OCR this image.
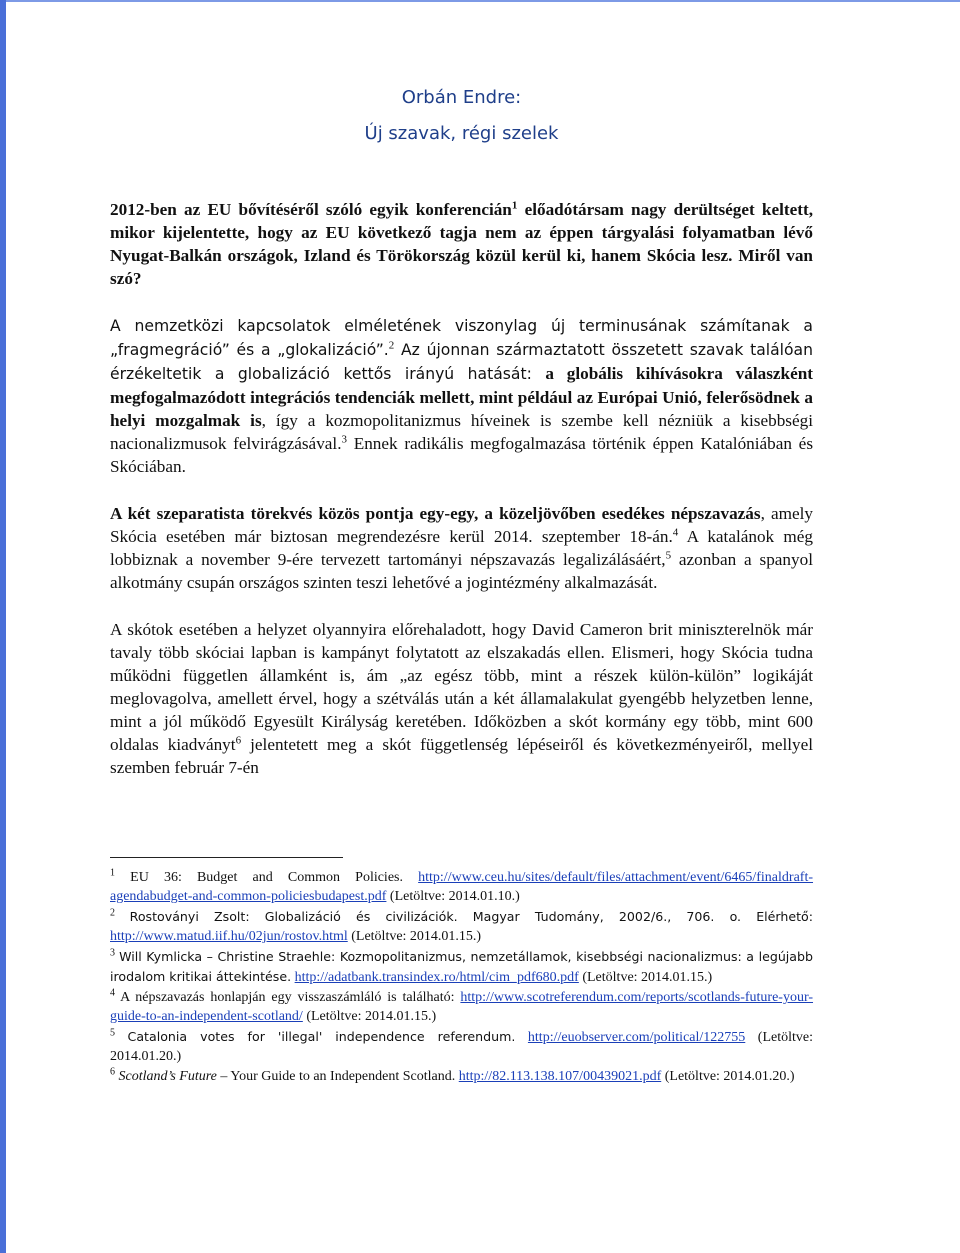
Orbán Endre:
Új szavak, régi szelek

2012-ben az EU bővítéséről szóló egyik konferencián$^1$ előadótársam nagy derültséget keltett, mikor kijelentette, hogy az EU következő tagja nem az éppen tárgyalási folyamatban lévő Nyugat-Balkán országok, Izland és Törökország közül kerül ki, hanem Skócia lesz. Miről van szó?

A nemzetközi kapcsolatok elméletének viszonylag új terminusának számítanak a „fragmegráció” és a „glokalizáció”.$^2$ Az újonnan származtatott összetett szavak találóan érzékeltetik a globalizáció kettős irányú hatását: a globális kihívásokra válaszként megfogalmazódott integrációs tendenciák mellett, mint például az Európai Unió, felerősödnek a helyi mozgalmak is, így a kozmopolitanizmus híveinek is szembe kell nézniük a kisebbségi nacionalizmusok felvirágzásával.$^3$ Ennek radikális megfogalmazása történik éppen Katalóniában és Skóciában.

A két szeparatista törekvés közös pontja egy-egy, a közeljövőben esedékes népszavazás, amely Skócia esetében már biztosan megrendezésre kerül 2014. szeptember 18-án.$^4$ A katalánok még lobbiznak a november 9-ére tervezett tartományi népszavazás legalizálásáért,$^5$ azonban a spanyol alkotmány csupán országos szinten teszi lehetővé a jogintézmény alkalmazását.

A skótok esetében a helyzet olyannyira előrehaladott, hogy David Cameron brit miniszterelnök már tavaly több skóciai lapban is kampányt folytatott az elszakadás ellen. Elismeri, hogy Skócia tudna működni független államként is, ám „az egész több, mint a részek külön-külön” logikáját meglovagolva, amellett érvel, hogy a szétválás után a két államalakulat gyengébb helyzetben lenne, mint a jól működő Egyesült Királyság keretében. Időközben a skót kormány egy több, mint 600 oldalas kiadványt$^6$ jelentetett meg a skót függetlenség lépéseiről és következményeiről, mellyel szemben február 7-én

$^1$ EU 36: Budget and Common Policies. http://www.ceu.hu/sites/default/files/attachment/event/6465/finaldraft-agendabudget-and-common-policiesbudapest.pdf (Letöltve: 2014.01.10.)

$^2$ Rostoványi Zsolt: Globalizáció és civilizációk. Magyar Tudomány, 2002/6., 706. o. Elérhető: http://www.matud.iif.hu/02jun/rostov.html (Letöltve: 2014.01.15.)

$^3$ Will Kymlicka – Christine Straehle: Kozmopolitanizmus, nemzetállamok, kisebbségi nacionalizmus: a legújabb irodalom kritikai áttekintése. http://adatbank.transindex.ro/html/cim_pdf680.pdf (Letöltve: 2014.01.15.)

$^4$ A népszavazás honlapján egy visszaszámláló is található: http://www.scotreferendum.com/reports/scotlands-future-your-guide-to-an-independent-scotland/ (Letöltve: 2014.01.15.)

$^5$ Catalonia votes for 'illegal' independence referendum. http://euobserver.com/political/122755 (Letöltve: 2014.01.20.)

$^6$ Scotland’s Future – Your Guide to an Independent Scotland. http://82.113.138.107/00439021.pdf (Letöltve: 2014.01.20.)
